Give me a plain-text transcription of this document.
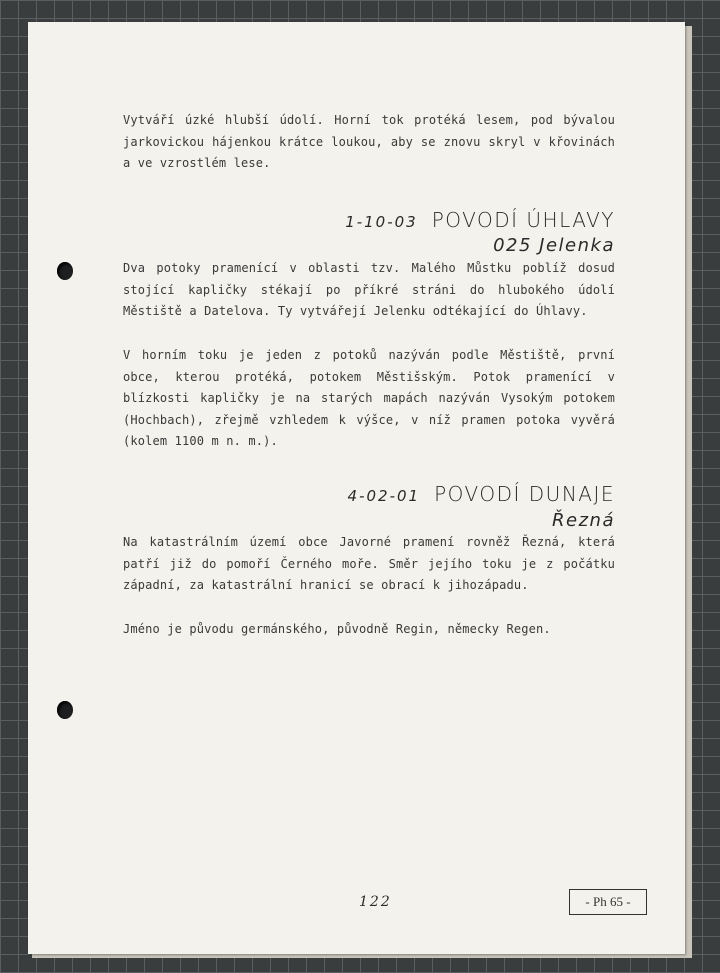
Vytváří úzké hlubší údolí. Horní tok protéká lesem, pod bývalou jarkovickou hájenkou krátce loukou, aby se znovu skryl v křovinách a ve vzrostlém lese.

1-10-03 POVODÍ ÚHLAVY
025 Jelenka

Dva potoky pramenící v oblasti tzv. Malého Můstku poblíž dosud stojící kapličky stékají po příkré stráni do hlubokého údolí Městiště a Datelova. Ty vytvářejí Jelenku odtékající do Úhlavy.

V horním toku je jeden z potoků nazýván podle Městiště, první obce, kterou protéká, potokem Městišským. Potok pramenící v blízkosti kapličky je na starých mapách nazýván Vysokým potokem (Hochbach), zřejmě vzhledem k výšce, v níž pramen potoka vyvěrá (kolem 1100 m n. m.).

4-02-01 POVODÍ DUNAJE
Řezná

Na katastrálním území obce Javorné pramení rovněž Řezná, která patří již do pomoří Černého moře. Směr jejího toku je z počátku západní, za katastrální hranicí se obrací k jihozápadu.

Jméno je původu germánského, původně Regin, německy Regen.

122	- Ph 65 -
